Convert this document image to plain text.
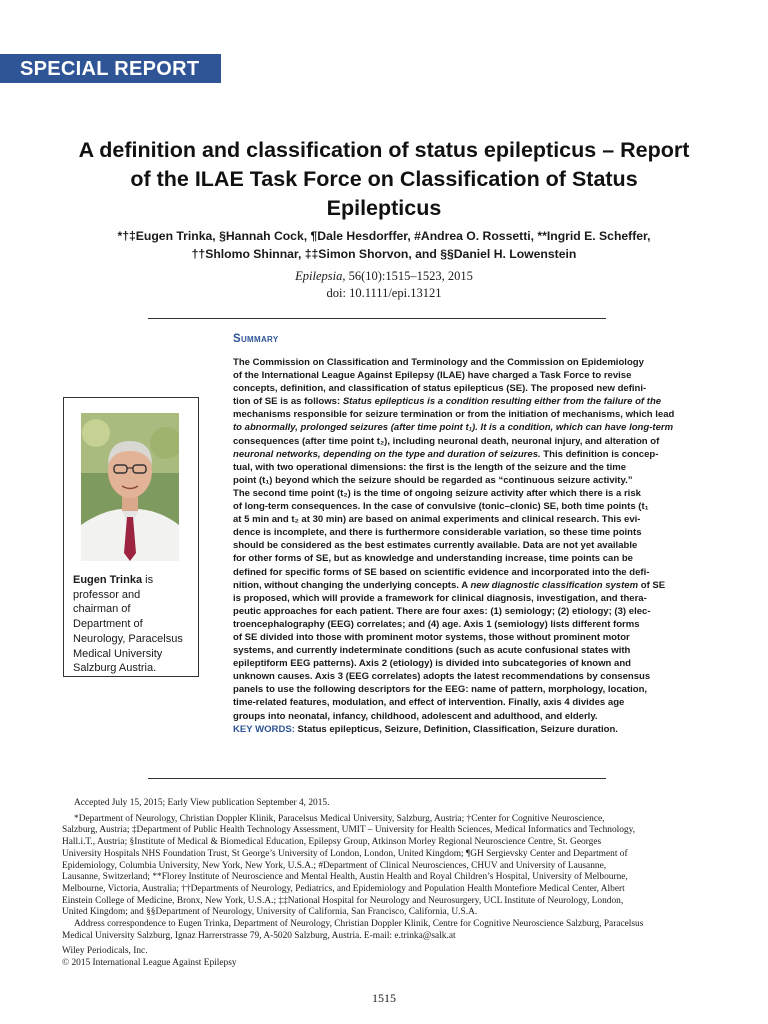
SPECIAL REPORT
A definition and classification of status epilepticus – Report
of the ILAE Task Force on Classification of Status
Epilepticus
*†‡Eugen Trinka, §Hannah Cock, ¶Dale Hesdorffer, #Andrea O. Rossetti, **Ingrid E. Scheffer,
††Shlomo Shinnar, ‡‡Simon Shorvon, and §§Daniel H. Lowenstein
Epilepsia, 56(10):1515–1523, 2015
doi: 10.1111/epi.13121
Summary
The Commission on Classification and Terminology and the Commission on Epidemiology
of the International League Against Epilepsy (ILAE) have charged a Task Force to revise
concepts, definition, and classification of status epilepticus (SE). The proposed new defini-
tion of SE is as follows: Status epilepticus is a condition resulting either from the failure of the
mechanisms responsible for seizure termination or from the initiation of mechanisms, which lead
to abnormally, prolonged seizures (after time point t₁). It is a condition, which can have long-term
consequences (after time point t₂), including neuronal death, neuronal injury, and alteration of
neuronal networks, depending on the type and duration of seizures. This definition is concep-
tual, with two operational dimensions: the first is the length of the seizure and the time
point (t₁) beyond which the seizure should be regarded as “continuous seizure activity.”
The second time point (t₂) is the time of ongoing seizure activity after which there is a risk
of long-term consequences. In the case of convulsive (tonic–clonic) SE, both time points (t₁
at 5 min and t₂ at 30 min) are based on animal experiments and clinical research. This evi-
dence is incomplete, and there is furthermore considerable variation, so these time points
should be considered as the best estimates currently available. Data are not yet available
for other forms of SE, but as knowledge and understanding increase, time points can be
defined for specific forms of SE based on scientific evidence and incorporated into the defi-
nition, without changing the underlying concepts. A new diagnostic classification system of SE
is proposed, which will provide a framework for clinical diagnosis, investigation, and thera-
peutic approaches for each patient. There are four axes: (1) semiology; (2) etiology; (3) elec-
troencephalography (EEG) correlates; and (4) age. Axis 1 (semiology) lists different forms
of SE divided into those with prominent motor systems, those without prominent motor
systems, and currently indeterminate conditions (such as acute confusional states with
epileptiform EEG patterns). Axis 2 (etiology) is divided into subcategories of known and
unknown causes. Axis 3 (EEG correlates) adopts the latest recommendations by consensus
panels to use the following descriptors for the EEG: name of pattern, morphology, location,
time-related features, modulation, and effect of intervention. Finally, axis 4 divides age
groups into neonatal, infancy, childhood, adolescent and adulthood, and elderly.
KEY WORDS: Status epilepticus, Seizure, Definition, Classification, Seizure duration.
Eugen Trinka is
professor and
chairman of
Department of
Neurology, Paracelsus
Medical University
Salzburg Austria.
Accepted July 15, 2015; Early View publication September 4, 2015.
*Department of Neurology, Christian Doppler Klinik, Paracelsus Medical University, Salzburg, Austria; †Center for Cognitive Neuroscience,
Salzburg, Austria; ‡Department of Public Health Technology Assessment, UMIT – University for Health Sciences, Medical Informatics and Technology,
Hall.i.T., Austria; §Institute of Medical & Biomedical Education, Epilepsy Group, Atkinson Morley Regional Neuroscience Centre, St. Georges
University Hospitals NHS Foundation Trust, St George’s University of London, London, United Kingdom; ¶GH Sergievsky Center and Department of
Epidemiology, Columbia University, New York, New York, U.S.A.; #Department of Clinical Neurosciences, CHUV and University of Lausanne,
Lausanne, Switzerland; **Florey Institute of Neuroscience and Mental Health, Austin Health and Royal Children’s Hospital, University of Melbourne,
Melbourne, Victoria, Australia; ††Departments of Neurology, Pediatrics, and Epidemiology and Population Health Montefiore Medical Center, Albert
Einstein College of Medicine, Bronx, New York, U.S.A.; ‡‡National Hospital for Neurology and Neurosurgery, UCL Institute of Neurology, London,
United Kingdom; and §§Department of Neurology, University of California, San Francisco, California, U.S.A.
Address correspondence to Eugen Trinka, Department of Neurology, Christian Doppler Klinik, Centre for Cognitive Neuroscience Salzburg, Paracelsus
Medical University Salzburg, Ignaz Harrerstrasse 79, A-5020 Salzburg, Austria. E-mail: e.trinka@salk.at
Wiley Periodicals, Inc.
© 2015 International League Against Epilepsy
1515
